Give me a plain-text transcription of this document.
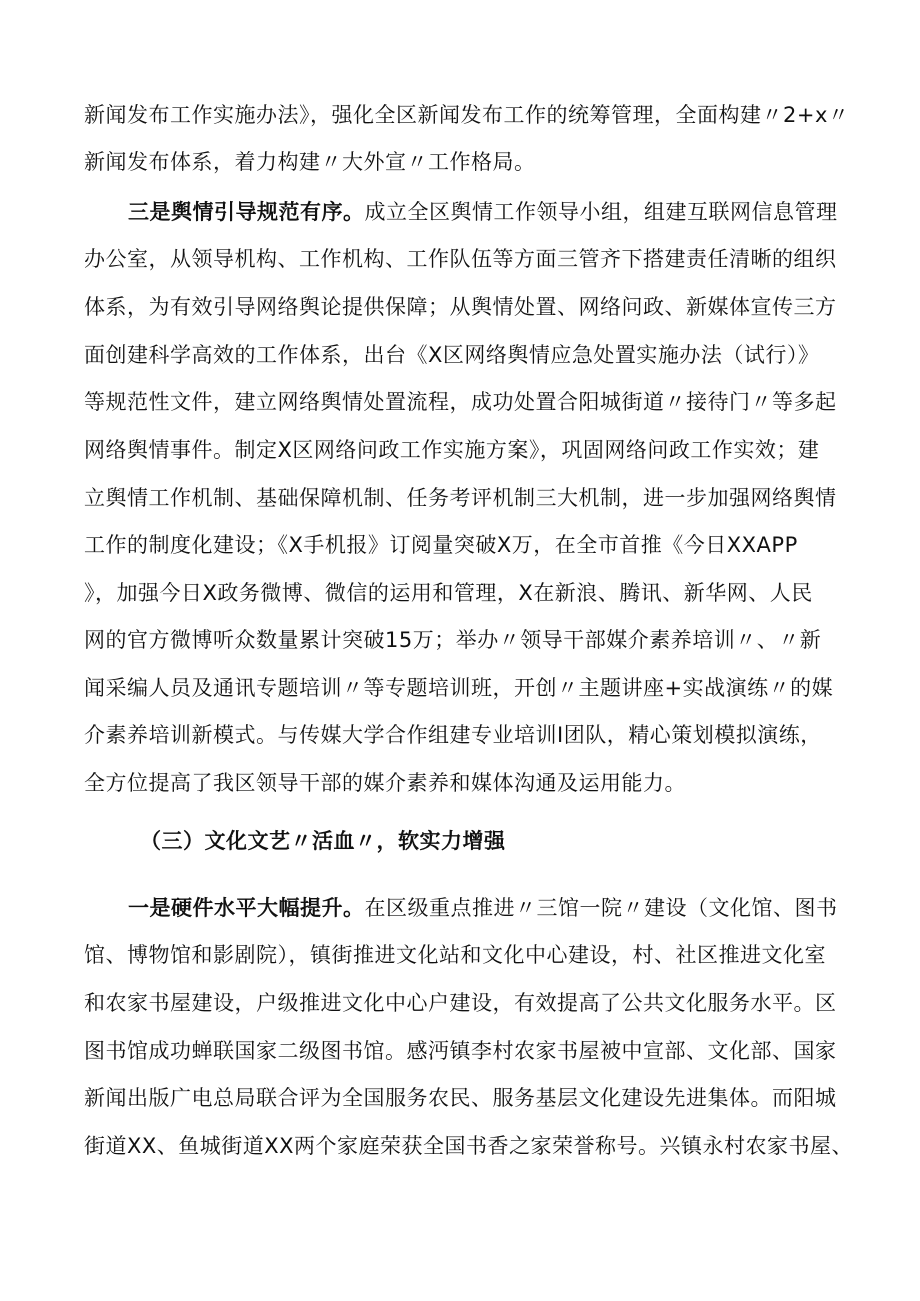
新闻发布工作实施办法》，强化全区新闻发布工作的统筹管理，全面构建〃2+x〃

新闻发布体系，着力构建〃大外宣〃工作格局。

三是舆情引导规范有序。成立全区舆情工作领导小组，组建互联网信息管理

办公室，从领导机构、工作机构、工作队伍等方面三管齐下搭建责任清晰的组织

体系，为有效引导网络舆论提供保障；从舆情处置、网络问政、新媒体宣传三方

面创建科学高效的工作体系，出台《X区网络舆情应急处置实施办法（试行）》

等规范性文件，建立网络舆情处置流程，成功处置合阳城街道〃接待门〃等多起

网络舆情事件。制定X区网络问政工作实施方案》，巩固网络问政工作实效；建

立舆情工作机制、基础保障机制、任务考评机制三大机制，进一步加强网络舆情

工作的制度化建设；《X手机报》订阅量突破X万，在全市首推《今日XXAPP

》，加强今日X政务微博、微信的运用和管理，X在新浪、腾讯、新华网、人民

网的官方微博听众数量累计突破15万；举办〃领导干部媒介素养培训〃、〃新

闻采编人员及通讯专题培训〃等专题培训班，开创〃主题讲座+实战演练〃的媒

介素养培训新模式。与传媒大学合作组建专业培训I团队，精心策划模拟演练，

全方位提高了我区领导干部的媒介素养和媒体沟通及运用能力。

（三）文化文艺〃活血〃，软实力增强

一是硬件水平大幅提升。在区级重点推进〃三馆一院〃建设（文化馆、图书

馆、博物馆和影剧院），镇街推进文化站和文化中心建设，村、社区推进文化室

和农家书屋建设，户级推进文化中心户建设，有效提高了公共文化服务水平。区

图书馆成功蝉联国家二级图书馆。感沔镇李村农家书屋被中宣部、文化部、国家

新闻出版广电总局联合评为全国服务农民、服务基层文化建设先进集体。而阳城

街道XX、鱼城街道XX两个家庭荣获全国书香之家荣誉称号。兴镇永村农家书屋、
